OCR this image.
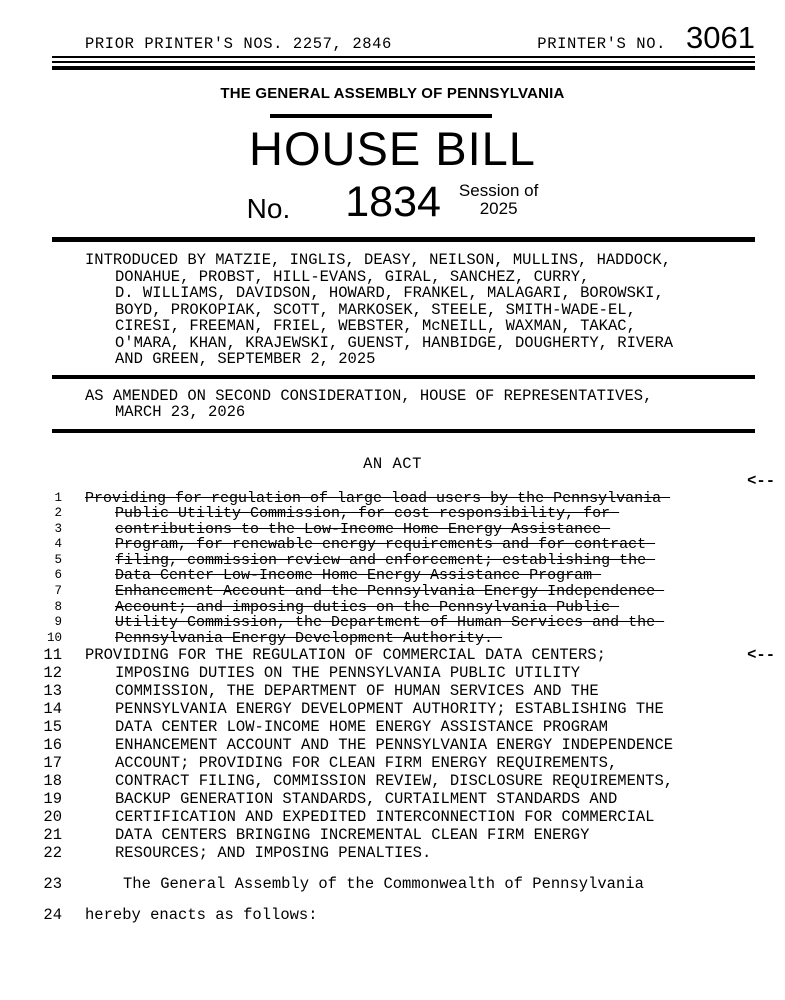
PRIOR PRINTER'S NOS. 2257, 2846	PRINTER'S NO. 3061
THE GENERAL ASSEMBLY OF PENNSYLVANIA
HOUSE BILL
No. 1834 Session of
2025
INTRODUCED BY MATZIE, INGLIS, DEASY, NEILSON, MULLINS, HADDOCK,
DONAHUE, PROBST, HILL-EVANS, GIRAL, SANCHEZ, CURRY,
D. WILLIAMS, DAVIDSON, HOWARD, FRANKEL, MALAGARI, BOROWSKI,
BOYD, PROKOPIAK, SCOTT, MARKOSEK, STEELE, SMITH-WADE-EL,
CIRESI, FREEMAN, FRIEL, WEBSTER, McNEILL, WAXMAN, TAKAC,
O'MARA, KHAN, KRAJEWSKI, GUENST, HANBIDGE, DOUGHERTY, RIVERA
AND GREEN, SEPTEMBER 2, 2025
AS AMENDED ON SECOND CONSIDERATION, HOUSE OF REPRESENTATIVES,
MARCH 23, 2026
AN ACT
<--
1	Providing for regulation of large load users by the Pennsylvania
2	Public Utility Commission, for cost responsibility, for
3	contributions to the Low-Income Home Energy Assistance
4	Program, for renewable energy requirements and for contract
5	filing, commission review and enforcement; establishing the
6	Data Center Low-Income Home Energy Assistance Program
7	Enhancement Account and the Pennsylvania Energy Independence
8	Account; and imposing duties on the Pennsylvania Public
9	Utility Commission, the Department of Human Services and the
10	Pennsylvania Energy Development Authority.
11	PROVIDING FOR THE REGULATION OF COMMERCIAL DATA CENTERS;	<--
12	IMPOSING DUTIES ON THE PENNSYLVANIA PUBLIC UTILITY
13	COMMISSION, THE DEPARTMENT OF HUMAN SERVICES AND THE
14	PENNSYLVANIA ENERGY DEVELOPMENT AUTHORITY; ESTABLISHING THE
15	DATA CENTER LOW-INCOME HOME ENERGY ASSISTANCE PROGRAM
16	ENHANCEMENT ACCOUNT AND THE PENNSYLVANIA ENERGY INDEPENDENCE
17	ACCOUNT; PROVIDING FOR CLEAN FIRM ENERGY REQUIREMENTS,
18	CONTRACT FILING, COMMISSION REVIEW, DISCLOSURE REQUIREMENTS,
19	BACKUP GENERATION STANDARDS, CURTAILMENT STANDARDS AND
20	CERTIFICATION AND EXPEDITED INTERCONNECTION FOR COMMERCIAL
21	DATA CENTERS BRINGING INCREMENTAL CLEAN FIRM ENERGY
22	RESOURCES; AND IMPOSING PENALTIES.
23	The General Assembly of the Commonwealth of Pennsylvania
24	hereby enacts as follows:
